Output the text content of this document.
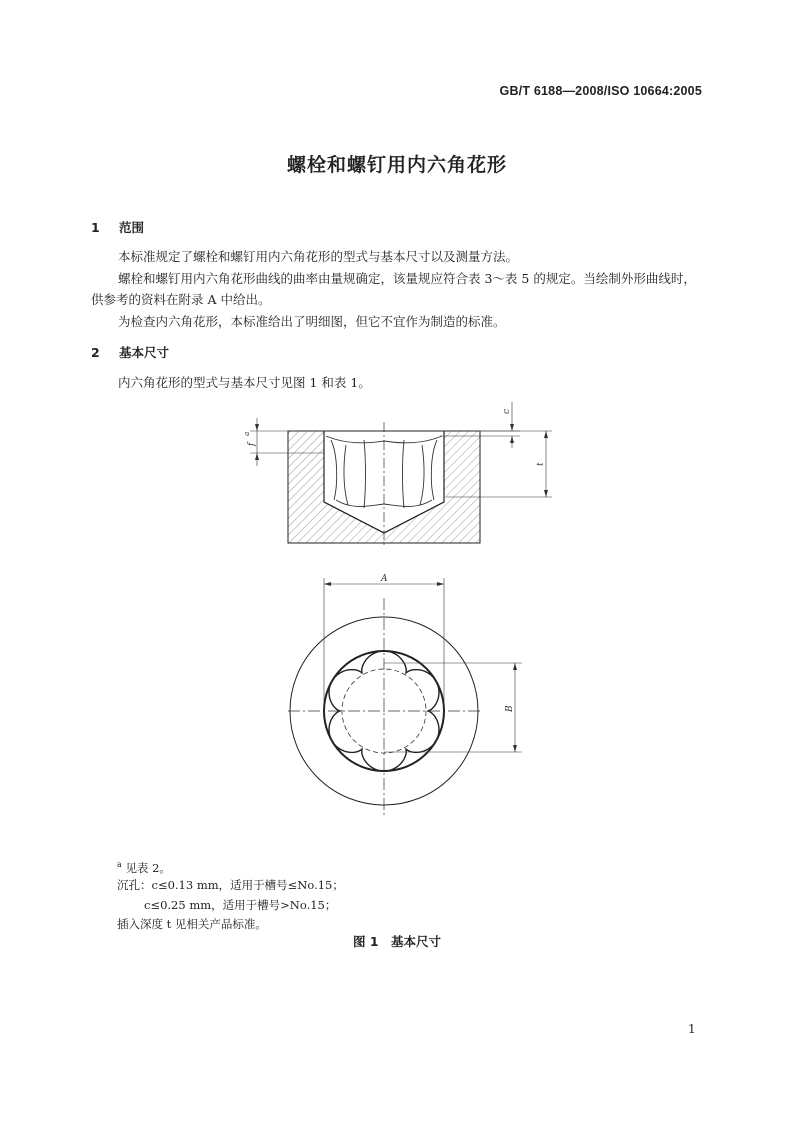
GB/T 6188—2008/ISO 10664:2005
螺栓和螺钉用内六角花形
1 范围
本标准规定了螺栓和螺钉用内六角花形的型式与基本尺寸以及测量方法。
螺栓和螺钉用内六角花形曲线的曲率由量规确定，该量规应符合表 3～表 5 的规定。当绘制外形曲线时，供参考的资料在附录 A 中给出。
为检查内六角花形，本标准给出了明细图，但它不宜作为制造的标准。
2 基本尺寸
内六角花形的型式与基本尺寸见图 1 和表 1。
c
t
f
a
A
B
$^a$ 见表 2。
沉孔：c≤0.13 mm，适用于槽号≤No.15；
c≤0.25 mm，适用于槽号>No.15；
插入深度 t 见相关产品标准。
图 1　基本尺寸
1
